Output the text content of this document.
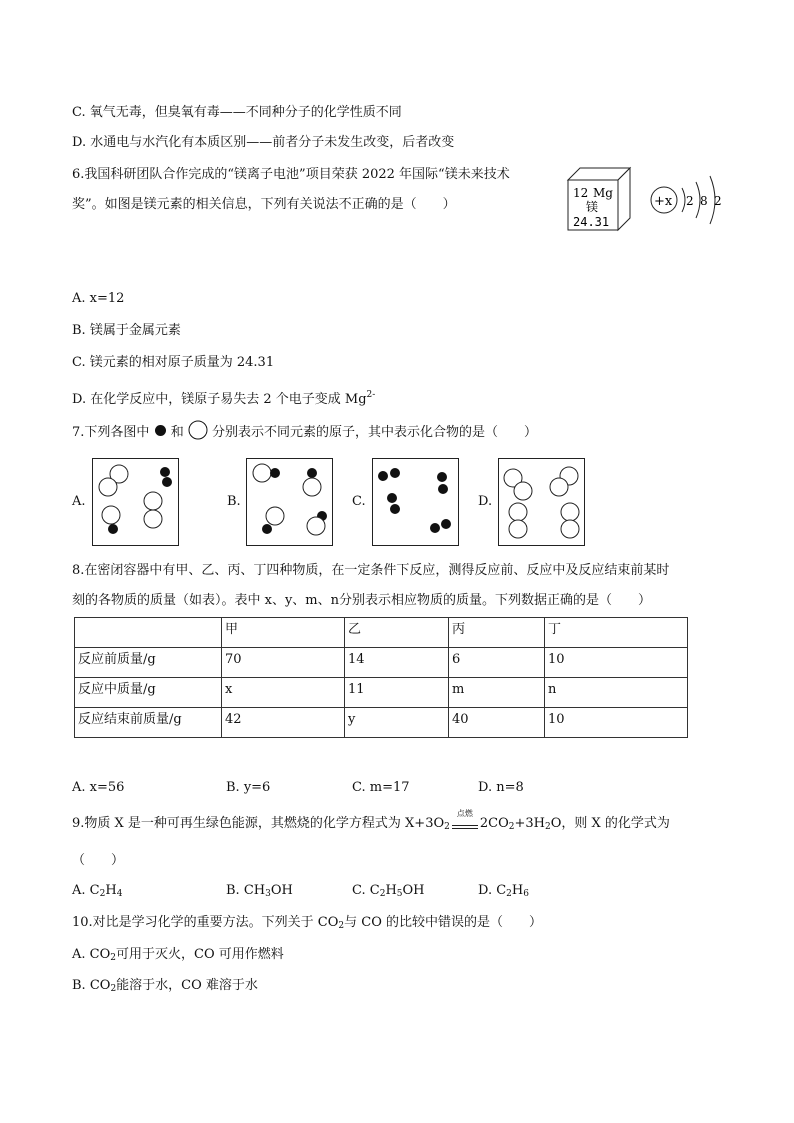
C. 氧气无毒，但臭氧有毒——不同种分子的化学性质不同
D. 水通电与水汽化有本质区别——前者分子未发生改变，后者改变
6.我国科研团队合作完成的“镁离子电池”项目荣获 2022 年国际“镁未来技术
奖”。如图是镁元素的相关信息，下列有关说法不正确的是（　　）
12 Mg
镁
24.31
+x 2 8 2
A. x=12
B. 镁属于金属元素
C. 镁元素的相对原子质量为 24.31
D. 在化学反应中，镁原子易失去 2 个电子变成 $Mg^{2-}$
7.下列各图中 和 分别表示不同元素的原子，其中表示化合物的是（　　）
A.	B.	C.	D.
8.在密闭容器中有甲、乙、丙、丁四种物质，在一定条件下反应，测得反应前、反应中及反应结束前某时
刻的各物质的质量（如表）。表中 x、y、m、n分别表示相应物质的质量。下列数据正确的是（　　）
	甲	乙	丙	丁
反应前质量/g	70	14	6	10
反应中质量/g	x	11	m	n
反应结束前质量/g	42	y	40	10
A. x=56	B. y=6	C. m=17	D. n=8
9.物质 X 是一种可再生绿色能源，其燃烧的化学方程式为 $X+3O_2$
点燃
$2CO_2+3H_2O$，则 X 的化学式为
（　　）
A. $C_2H_4$	B. $CH_3OH$	C. $C_2H_5OH$	D. $C_2H_6$
10.对比是学习化学的重要方法。下列关于 $CO_2$与 CO 的比较中错误的是（　　）
A. $CO_2$可用于灭火，CO 可用作燃料
B. $CO_2$能溶于水，CO 难溶于水
